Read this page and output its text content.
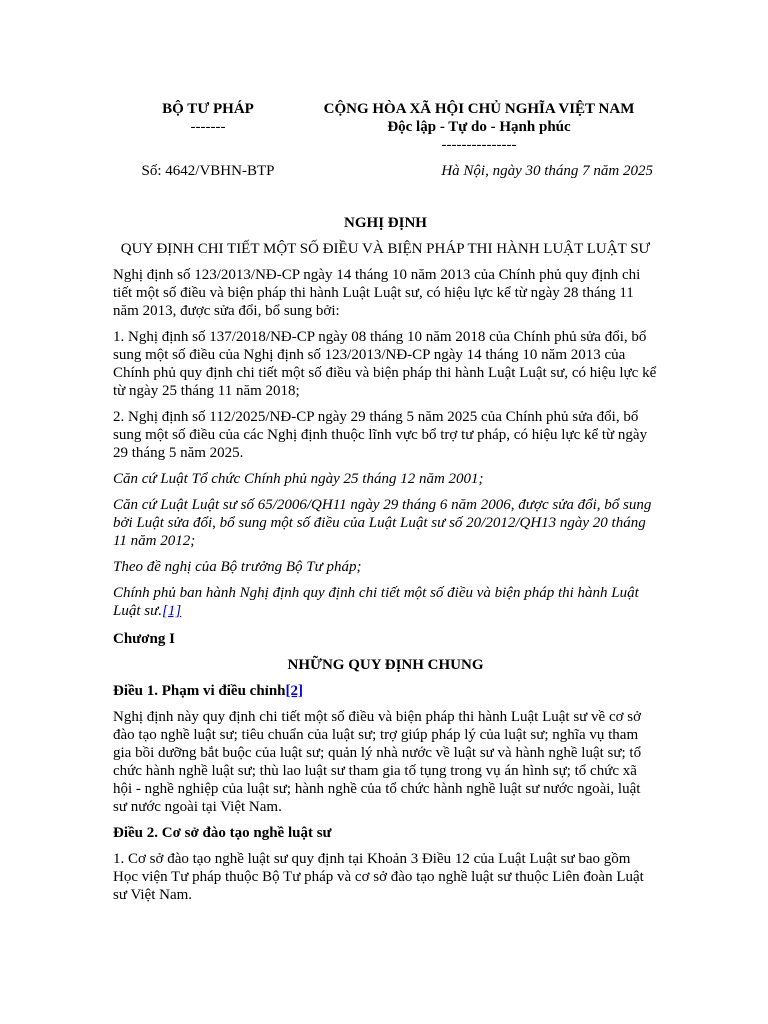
BỘ TƯ PHÁP
-------
CỘNG HÒA XÃ HỘI CHỦ NGHĨA VIỆT NAM
Độc lập - Tự do - Hạnh phúc
---------------
Số: 4642/VBHN-BTP	Hà Nội, ngày 30 tháng 7 năm 2025
NGHỊ ĐỊNH
QUY ĐỊNH CHI TIẾT MỘT SỐ ĐIỀU VÀ BIỆN PHÁP THI HÀNH LUẬT LUẬT SƯ

Nghị định số 123/2013/NĐ-CP ngày 14 tháng 10 năm 2013 của Chính phủ quy định chi tiết một số điều và biện pháp thi hành Luật Luật sư, có hiệu lực kể từ ngày 28 tháng 11 năm 2013, được sửa đổi, bổ sung bởi:

1. Nghị định số 137/2018/NĐ-CP ngày 08 tháng 10 năm 2018 của Chính phủ sửa đổi, bổ sung một số điều của Nghị định số 123/2013/NĐ-CP ngày 14 tháng 10 năm 2013 của Chính phủ quy định chi tiết một số điều và biện pháp thi hành Luật Luật sư, có hiệu lực kể từ ngày 25 tháng 11 năm 2018;

2. Nghị định số 112/2025/NĐ-CP ngày 29 tháng 5 năm 2025 của Chính phủ sửa đổi, bổ sung một số điều của các Nghị định thuộc lĩnh vực bổ trợ tư pháp, có hiệu lực kể từ ngày 29 tháng 5 năm 2025.

Căn cứ Luật Tổ chức Chính phủ ngày 25 tháng 12 năm 2001;

Căn cứ Luật Luật sư số 65/2006/QH11 ngày 29 tháng 6 năm 2006, được sửa đổi, bổ sung bởi Luật sửa đổi, bổ sung một số điều của Luật Luật sư số 20/2012/QH13 ngày 20 tháng 11 năm 2012;

Theo đề nghị của Bộ trưởng Bộ Tư pháp;

Chính phủ ban hành Nghị định quy định chi tiết một số điều và biện pháp thi hành Luật Luật sư.[1]

Chương I
NHỮNG QUY ĐỊNH CHUNG
Điều 1. Phạm vi điều chỉnh[2]

Nghị định này quy định chi tiết một số điều và biện pháp thi hành Luật Luật sư về cơ sở đào tạo nghề luật sư; tiêu chuẩn của luật sư; trợ giúp pháp lý của luật sư; nghĩa vụ tham gia bồi dưỡng bắt buộc của luật sư; quản lý nhà nước về luật sư và hành nghề luật sư; tổ chức hành nghề luật sư; thù lao luật sư tham gia tố tụng trong vụ án hình sự; tổ chức xã hội - nghề nghiệp của luật sư; hành nghề của tổ chức hành nghề luật sư nước ngoài, luật sư nước ngoài tại Việt Nam.

Điều 2. Cơ sở đào tạo nghề luật sư

1. Cơ sở đào tạo nghề luật sư quy định tại Khoản 3 Điều 12 của Luật Luật sư bao gồm Học viện Tư pháp thuộc Bộ Tư pháp và cơ sở đào tạo nghề luật sư thuộc Liên đoàn Luật sư Việt Nam.
